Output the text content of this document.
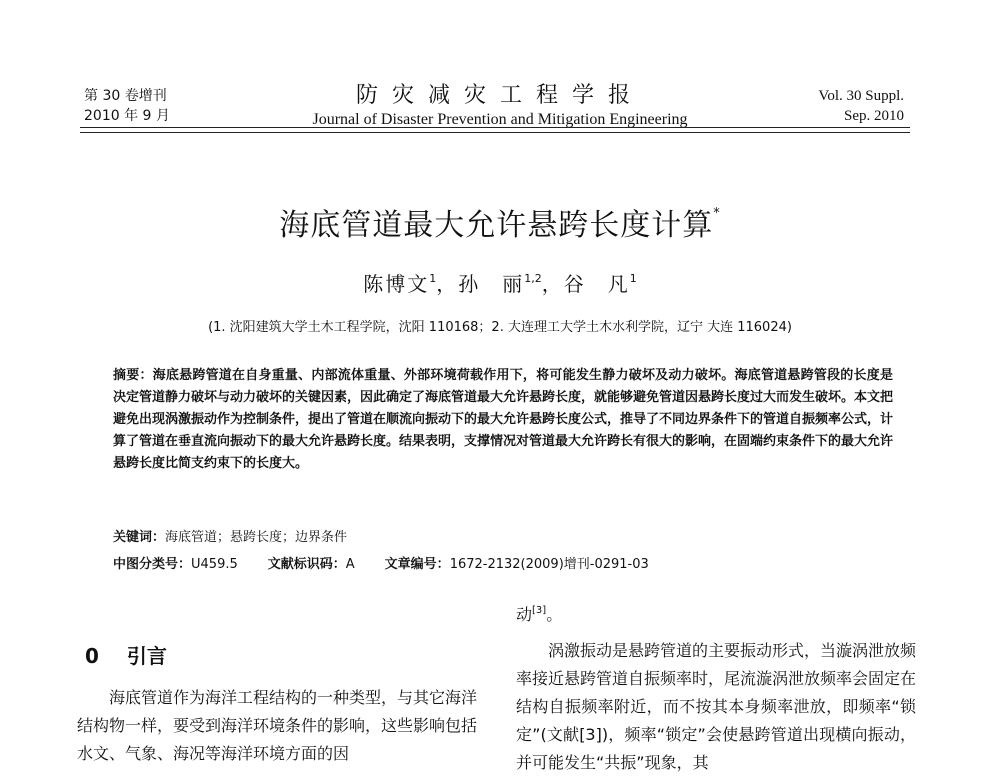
第 30 卷增刊
2010 年 9 月
防灾减灾工程学报
Journal of Disaster Prevention and Mitigation Engineering
Vol. 30 Suppl.
Sep. 2010
海底管道最大允许悬跨长度计算*
陈博文$^1$，孙　丽$^{1,2}$，谷　凡$^1$
(1. 沈阳建筑大学土木工程学院，沈阳 110168；2. 大连理工大学土木水利学院，辽宁 大连 116024)
摘要：海底悬跨管道在自身重量、内部流体重量、外部环境荷载作用下，将可能发生静力破坏及动力破坏。海底管道悬跨管段的长度是决定管道静力破坏与动力破坏的关键因素，因此确定了海底管道最大允许悬跨长度，就能够避免管道因悬跨长度过大而发生破坏。本文把避免出现涡激振动作为控制条件，提出了管道在顺流向振动下的最大允许悬跨长度公式，推导了不同边界条件下的管道自振频率公式，计算了管道在垂直流向振动下的最大允许悬跨长度。结果表明，支撑情况对管道最大允许跨长有很大的影响，在固端约束条件下的最大允许悬跨长度比简支约束下的长度大。
关键词：海底管道；悬跨长度；边界条件
中图分类号：U459.5 文献标识码：A 文章编号：1672-2132(2009)增刊-0291-03
0 引言
海底管道作为海洋工程结构的一种类型，与其它海洋结构物一样，要受到海洋环境条件的影响，这些影响包括水文、气象、海况等海洋环境方面的因
动[3]。
涡激振动是悬跨管道的主要振动形式，当漩涡泄放频率接近悬跨管道自振频率时，尾流漩涡泄放频率会固定在结构自振频率附近，而不按其本身频率泄放，即频率“锁定”(文献[3])，频率“锁定”会使悬跨管道出现横向振动，并可能发生“共振”现象，其
